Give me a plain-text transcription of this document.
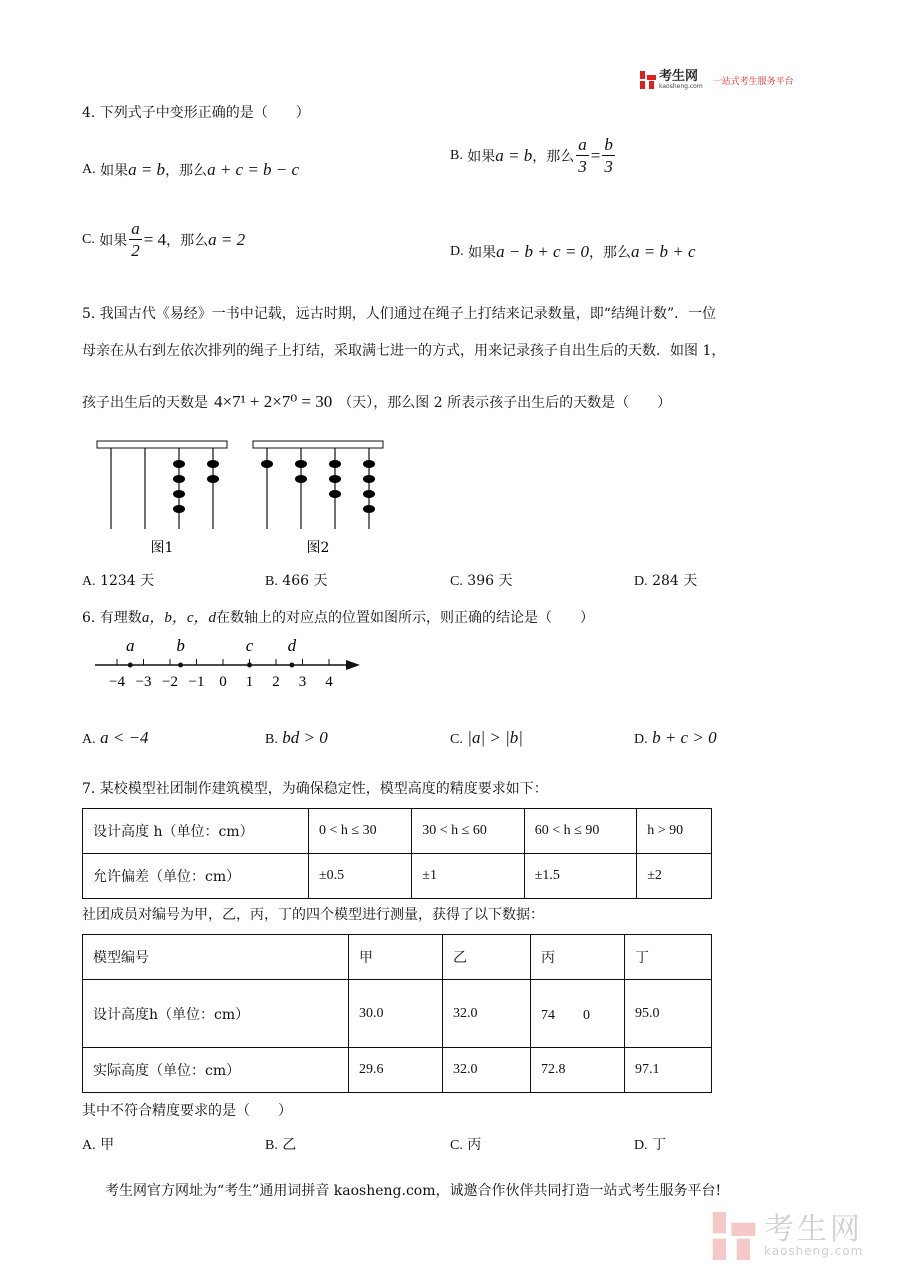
考生网
kaosheng.com 一站式考生服务平台
4. 下列式子中变形正确的是（　　）
A.
如果 a = b ，那么 a + c = b − c
B.
如果 a = b ，那么 $\frac{a}{3} = \frac{b}{3}$
C.
如果 $\frac{a}{2} = 4$ ，那么 a = 2
D.
如果 a − b + c = 0 ，那么 a = b + c
5. 我国古代《易经》一书中记载，远古时期，人们通过在绳子上打结来记录数量，即“结绳计数”．一位
母亲在从右到左依次排列的绳子上打结，采取满七进一的方式，用来记录孩子自出生后的天数．如图 1，
孩子出生后的天数是 4×7¹ + 2×7⁰ = 30 （天），那么图 2 所表示孩子出生后的天数是（　　）
图1	图2
A. 1234 天	B. 466 天	C. 396 天	D. 284 天
6. 有理数a，b，c，d在数轴上的对应点的位置如图所示，则正确的结论是（　　）
−4 −3 −2 −1 0 1 2 3 4
a b	c d
A. a < −4	B. bd > 0	C. |a| > |b|	D. b + c > 0
7. 某校模型社团制作建筑模型，为确保稳定性，模型高度的精度要求如下：
设计高度 h（单位：cm）	0 < h ≤ 30	30 < h ≤ 60	60 < h ≤ 90	h > 90
允许偏差（单位：cm）	±0.5	±1	±1.5	±2
社团成员对编号为甲，乙，丙，丁的四个模型进行测量，获得了以下数据：
模型编号	甲	乙	丙	丁
设计高度h（单位：cm）	30.0	32.0	74　　0	95.0
实际高度（单位：cm）	29.6	32.0	72.8	97.1
其中不符合精度要求的是（　　）
A. 甲	B. 乙	C. 丙	D. 丁
考生网官方网址为“考生”通用词拼音 kaosheng.com，诚邀合作伙伴共同打造一站式考生服务平台!
考生网
kaosheng.com
